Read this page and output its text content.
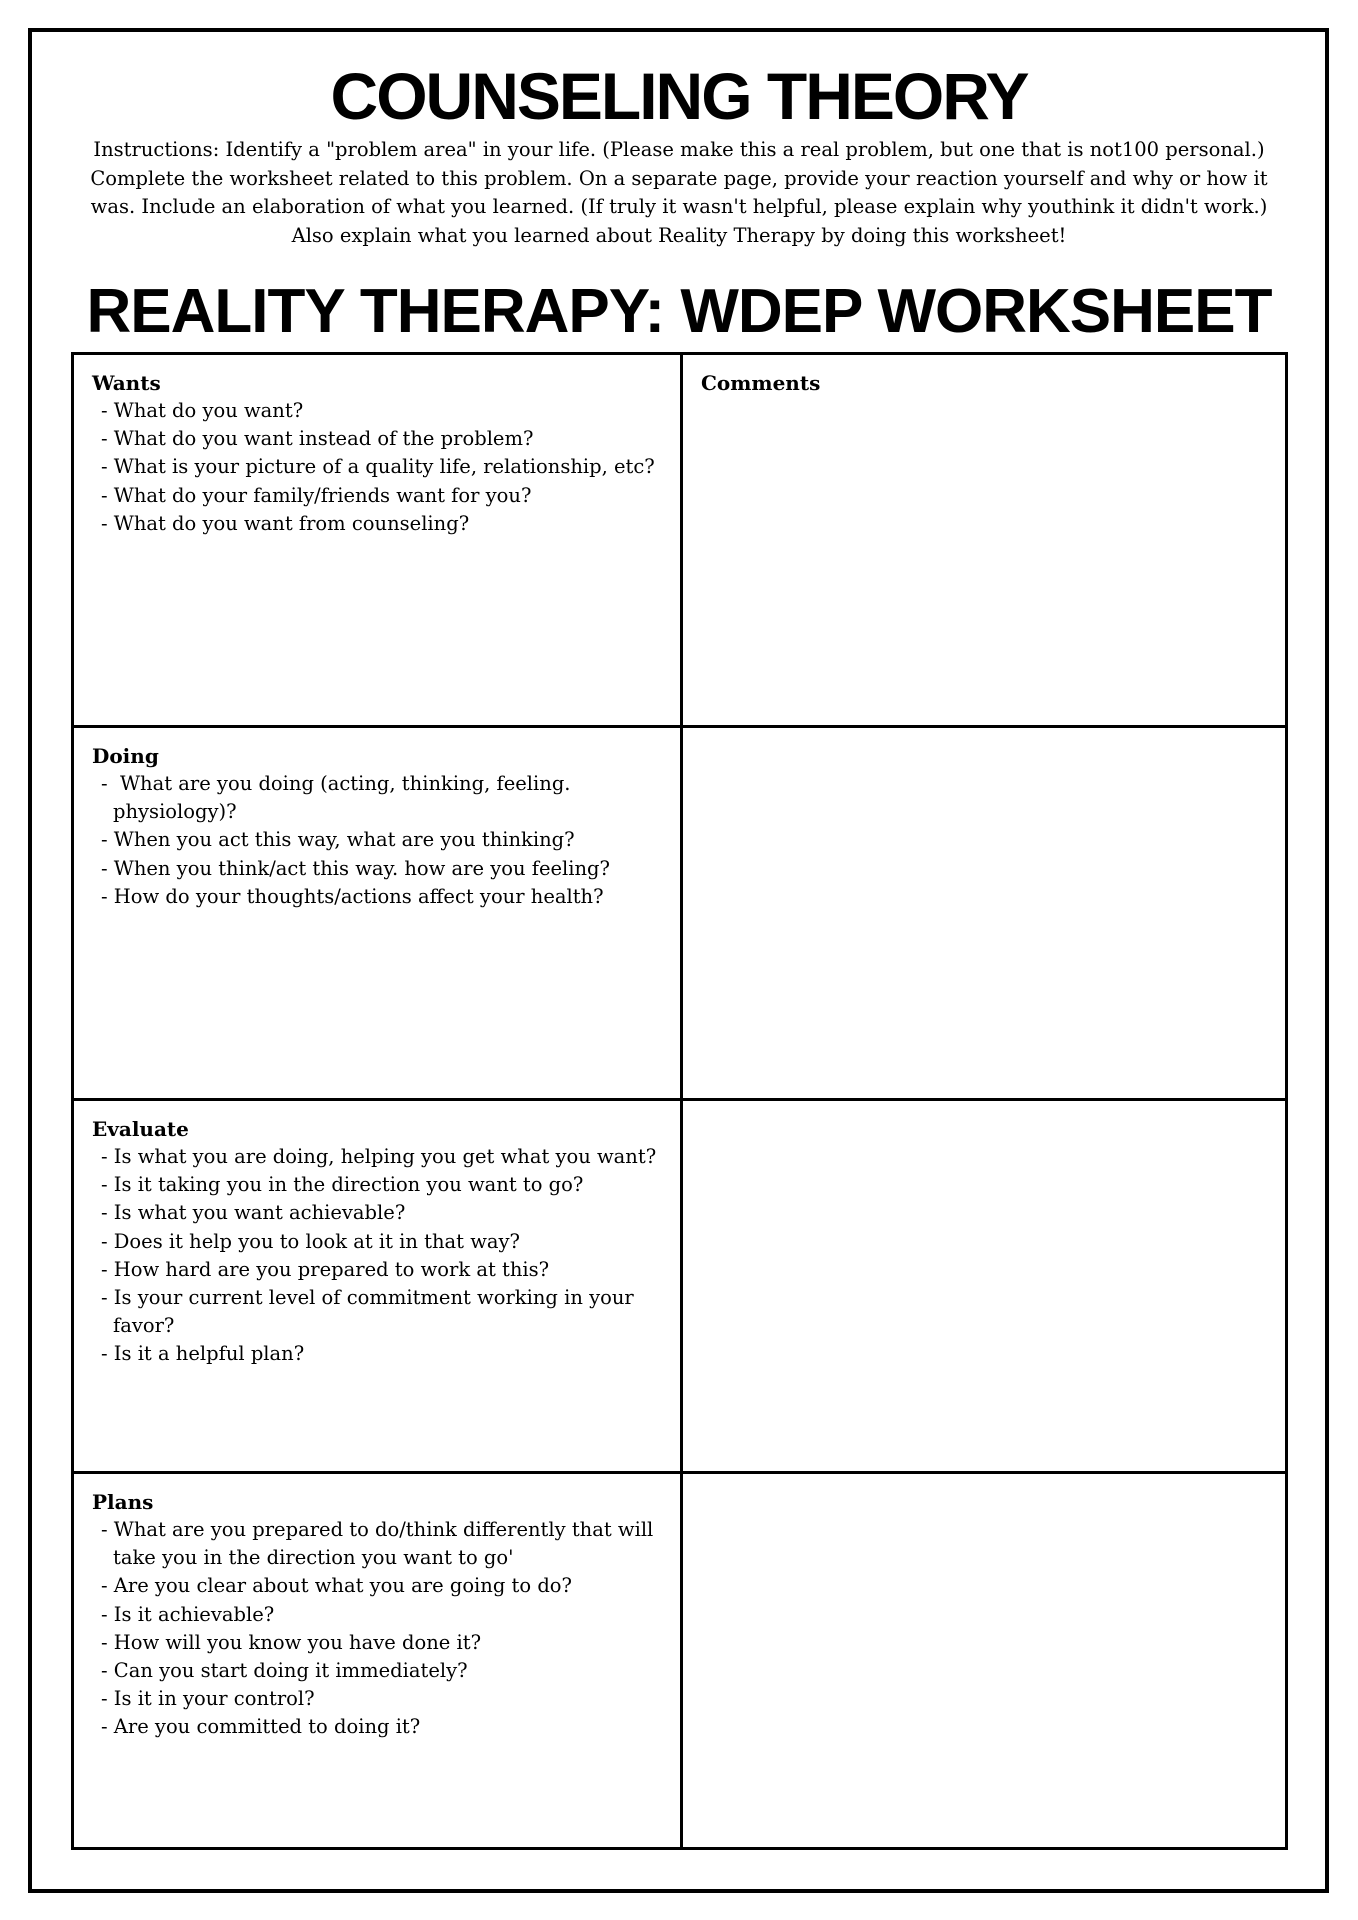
COUNSELING THEORY
Instructions: Identify a "problem area" in your life. (Please make this a real problem, but one that is not100 personal.) Complete the worksheet related to this problem. On a separate page, provide your reaction yourself and why or how it was. Include an elaboration of what you learned. (If truly it wasn't helpful, please explain why youthink it didn't work.) Also explain what you learned about Reality Therapy by doing this worksheet!
REALITY THERAPY: WDEP WORKSHEET
Wants
- What do you want?
- What do you want instead of the problem?
- What is your picture of a quality life, relationship, etc?
- What do your family/friends want for you?
- What do you want from counseling?
Comments
Doing
-  What are you doing (acting, thinking, feeling. physiology)?
- When you act this way, what are you thinking?
- When you think/act this way. how are you feeling?
- How do your thoughts/actions affect your health?
Evaluate
- Is what you are doing, helping you get what you want?
- Is it taking you in the direction you want to go?
- Is what you want achievable?
- Does it help you to look at it in that way?
- How hard are you prepared to work at this?
- Is your current level of commitment working in your favor?
- Is it a helpful plan?
Plans
- What are you prepared to do/think differently that will take you in the direction you want to go'
- Are you clear about what you are going to do?
- Is it achievable?
- How will you know you have done it?
- Can you start doing it immediately?
- Is it in your control?
- Are you committed to doing it?
